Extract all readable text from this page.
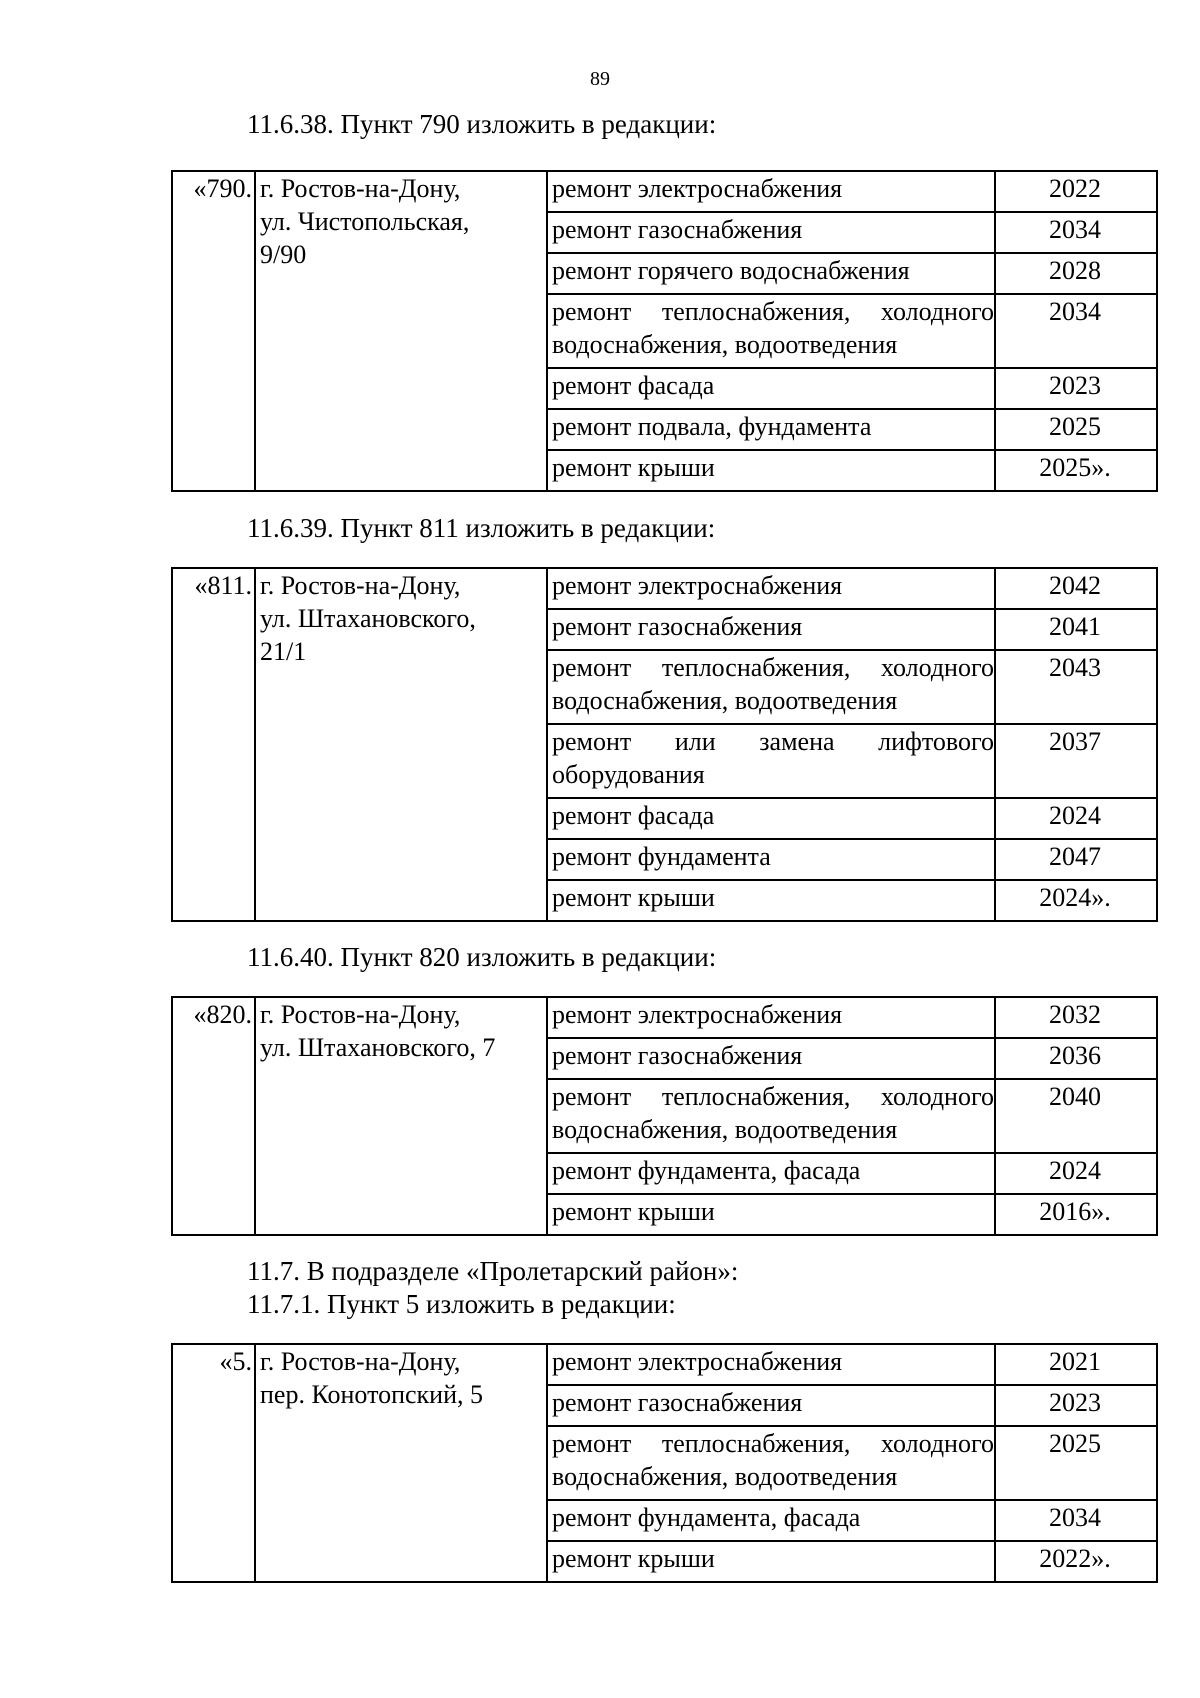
89
11.6.38. Пункт 790 изложить в редакции:
«790.	г. Ростов-на-Дону,
ул. Чистопольская,
9/90	ремонт электроснабжения	2022
		ремонт газоснабжения	2034
		ремонт горячего водоснабжения	2028
		ремонт теплоснабжения, холодного водоснабжения, водоотведения	2034
		ремонт фасада	2023
		ремонт подвала, фундамента	2025
		ремонт крыши	2025».
11.6.39. Пункт 811 изложить в редакции:
«811.	г. Ростов-на-Дону,
ул. Штахановского,
21/1	ремонт электроснабжения	2042
		ремонт газоснабжения	2041
		ремонт теплоснабжения, холодного водоснабжения, водоотведения	2043
		ремонт или замена лифтового оборудования	2037
		ремонт фасада	2024
		ремонт фундамента	2047
		ремонт крыши	2024».
11.6.40. Пункт 820 изложить в редакции:
«820.	г. Ростов-на-Дону,
ул. Штахановского, 7	ремонт электроснабжения	2032
		ремонт газоснабжения	2036
		ремонт теплоснабжения, холодного водоснабжения, водоотведения	2040
		ремонт фундамента, фасада	2024
		ремонт крыши	2016».
11.7. В подразделе «Пролетарский район»:
11.7.1. Пункт 5 изложить в редакции:
«5.	г. Ростов-на-Дону,
пер. Конотопский, 5	ремонт электроснабжения	2021
		ремонт газоснабжения	2023
		ремонт теплоснабжения, холодного водоснабжения, водоотведения	2025
		ремонт фундамента, фасада	2034
		ремонт крыши	2022».
